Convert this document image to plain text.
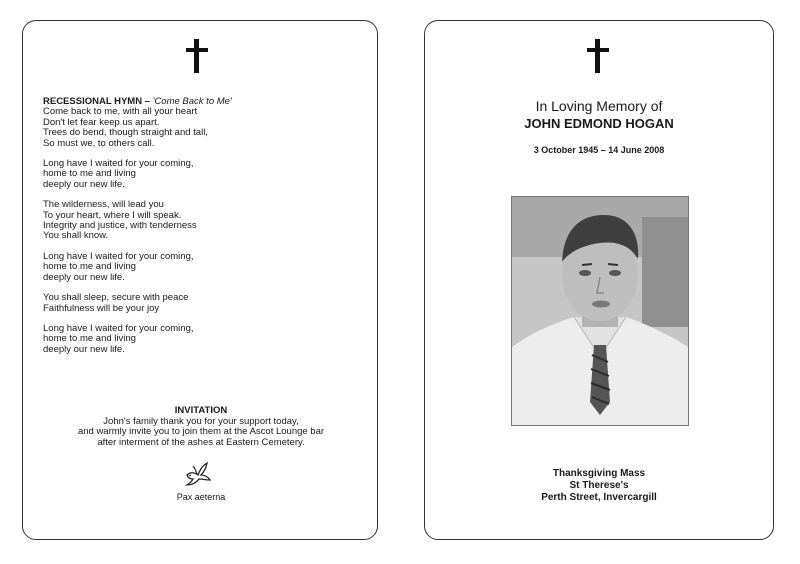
RECESSIONAL HYMN – 'Come Back to Me'
Come back to me, with all your heart
Don't let fear keep us apart.
Trees do bend, though straight and tall,
So must we, to others call.
Long have I waited for your coming,
home to me and living
deeply our new life.
The wilderness, will lead you
To your heart, where I will speak.
Integrity and justice, with tenderness
You shall know.
Long have I waited for your coming,
home to me and living
deeply our new life.
You shall sleep, secure with peace
Faithfulness will be your joy
Long have I waited for your coming,
home to me and living
deeply our new life.
INVITATION
John's family thank you for your support today,
and warmly invite you to join them at the Ascot Lounge bar
after interment of the ashes at Eastern Cemetery.
Pax aeterna
In Loving Memory of
JOHN EDMOND HOGAN
3 October 1945 – 14 June 2008
Thanksgiving Mass
St Therese's
Perth Street, Invercargill
